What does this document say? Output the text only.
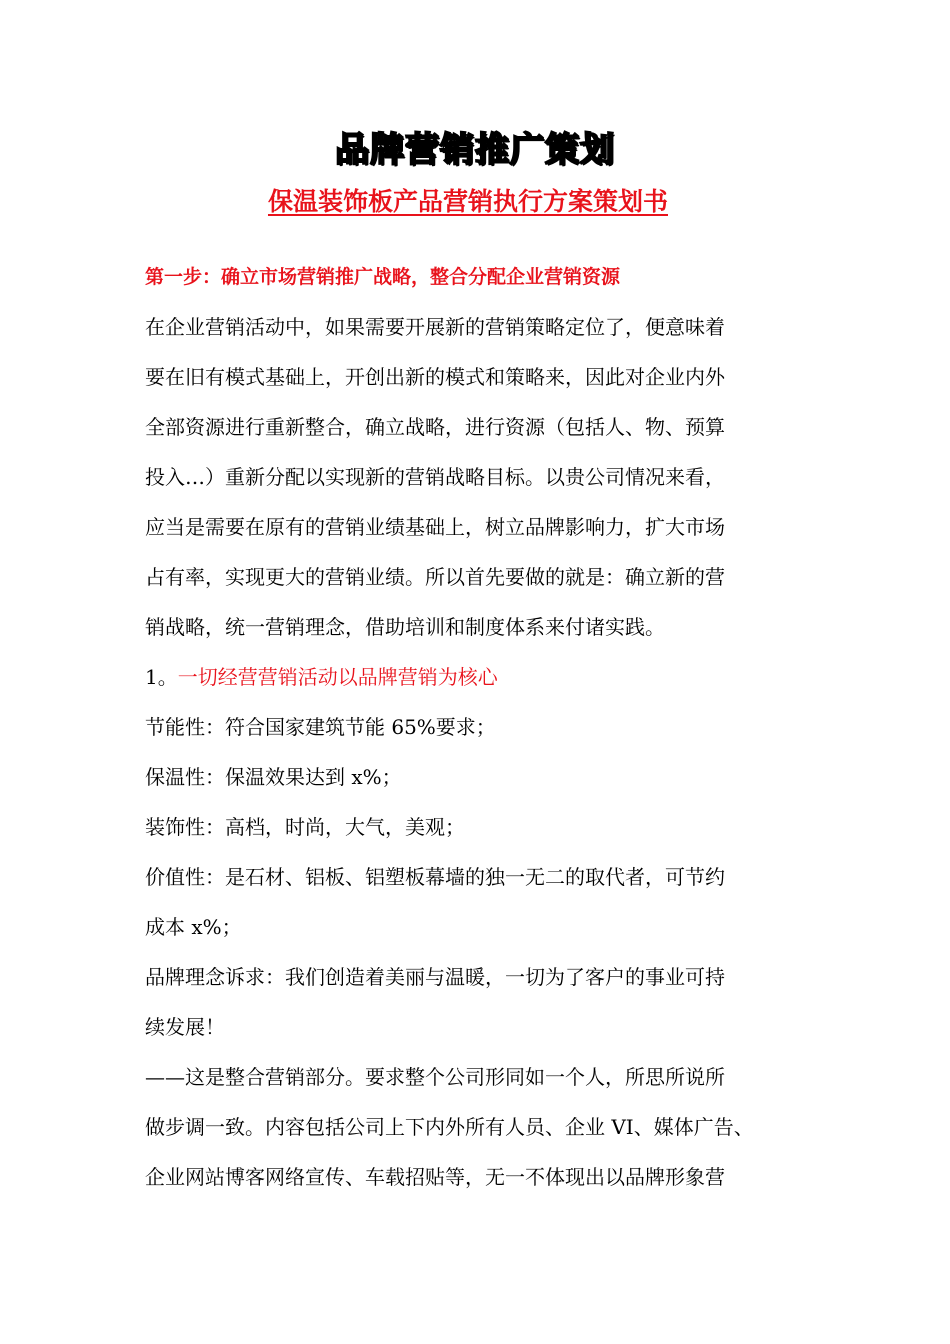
品牌营销推广策划
保温装饰板产品营销执行方案策划书
第一步：确立市场营销推广战略，整合分配企业营销资源
在企业营销活动中，如果需要开展新的营销策略定位了，便意味着
要在旧有模式基础上，开创出新的模式和策略来，因此对企业内外
全部资源进行重新整合，确立战略，进行资源（包括人、物、预算
投入…）重新分配以实现新的营销战略目标。以贵公司情况来看，
应当是需要在原有的营销业绩基础上，树立品牌影响力，扩大市场
占有率，实现更大的营销业绩。所以首先要做的就是：确立新的营
销战略，统一营销理念，借助培训和制度体系来付诸实践。
1。一切经营营销活动以品牌营销为核心
节能性：符合国家建筑节能 65%要求；
保温性：保温效果达到 x%；
装饰性：高档，时尚，大气，美观；
价值性：是石材、铝板、铝塑板幕墙的独一无二的取代者，可节约
成本 x%；
品牌理念诉求：我们创造着美丽与温暖，一切为了客户的事业可持
续发展！
——这是整合营销部分。要求整个公司形同如一个人，所思所说所
做步调一致。内容包括公司上下内外所有人员、企业 VI、媒体广告、
企业网站博客网络宣传、车载招贴等，无一不体现出以品牌形象营
